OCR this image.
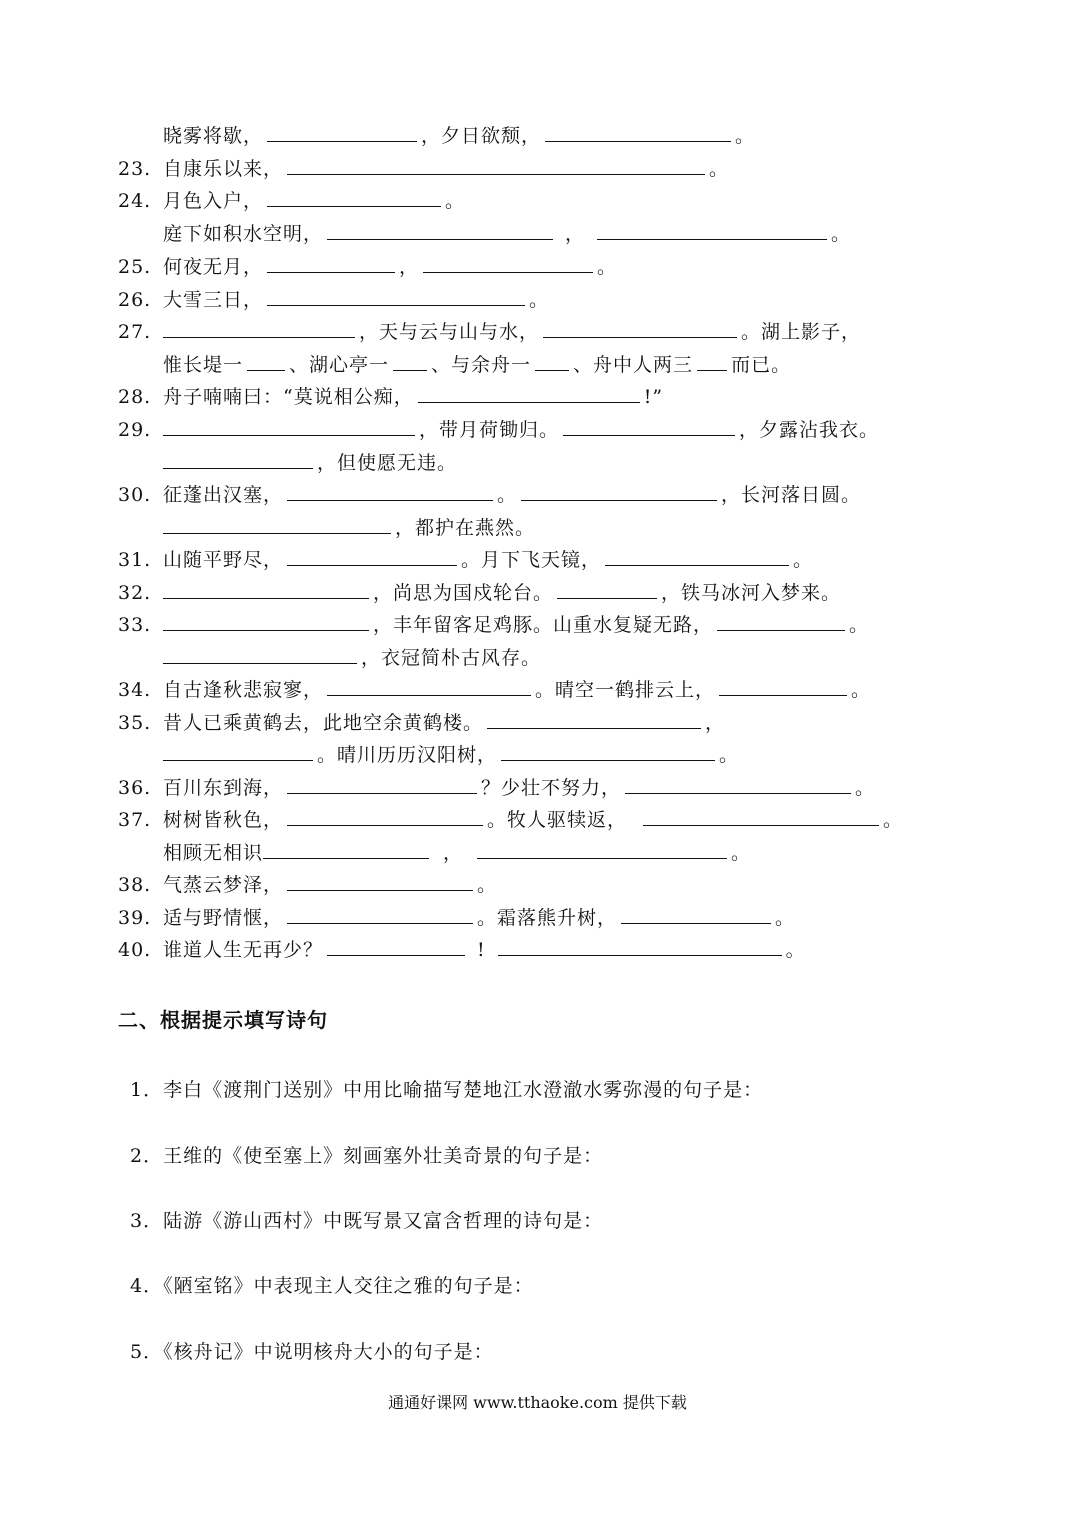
晓雾将歇，	，夕日欲颓，	。
23. 自康乐以来，	。
24. 月色入户，	。
庭下如积水空明，	，	。
25. 何夜无月，	，	。
26. 大雪三日，	。
27.	，天与云与山与水，	。湖上影子，
惟长堤一 、湖心亭一 、与余舟一 、舟中人两三 而已。
28. 舟子喃喃曰：“莫说相公痴，	!”
29.	，带月荷锄归。	，夕露沾我衣。
，但使愿无违。
30. 征蓬出汉塞，	。	，长河落日圆。
，都护在燕然。
31. 山随平野尽，	。月下飞天镜，	。
32.	，尚思为国戍轮台。	，铁马冰河入梦来。
33.	，丰年留客足鸡豚。山重水复疑无路，	。
，衣冠简朴古风存。
34. 自古逢秋悲寂寥，	。晴空一鹤排云上，	。
35. 昔人已乘黄鹤去，此地空余黄鹤楼。	，
。晴川历历汉阳树，	。
36. 百川东到海，	？少壮不努力，	。
37. 树树皆秋色，	。牧人驱犊返，	。
相顾无相识	，	。
38. 气蒸云梦泽，	。
39. 适与野情惬，	。霜落熊升树，	。
40. 谁道人生无再少？	!	。
二、根据提示填写诗句
1．李白《渡荆门送别》中用比喻描写楚地江水澄澈水雾弥漫的句子是：
2．王维的《使至塞上》刻画塞外壮美奇景的句子是：
3．陆游《游山西村》中既写景又富含哲理的诗句是：
4．《陋室铭》中表现主人交往之雅的句子是：
5．《核舟记》中说明核舟大小的句子是：
通通好课网 www.tthaoke.com 提供下载
